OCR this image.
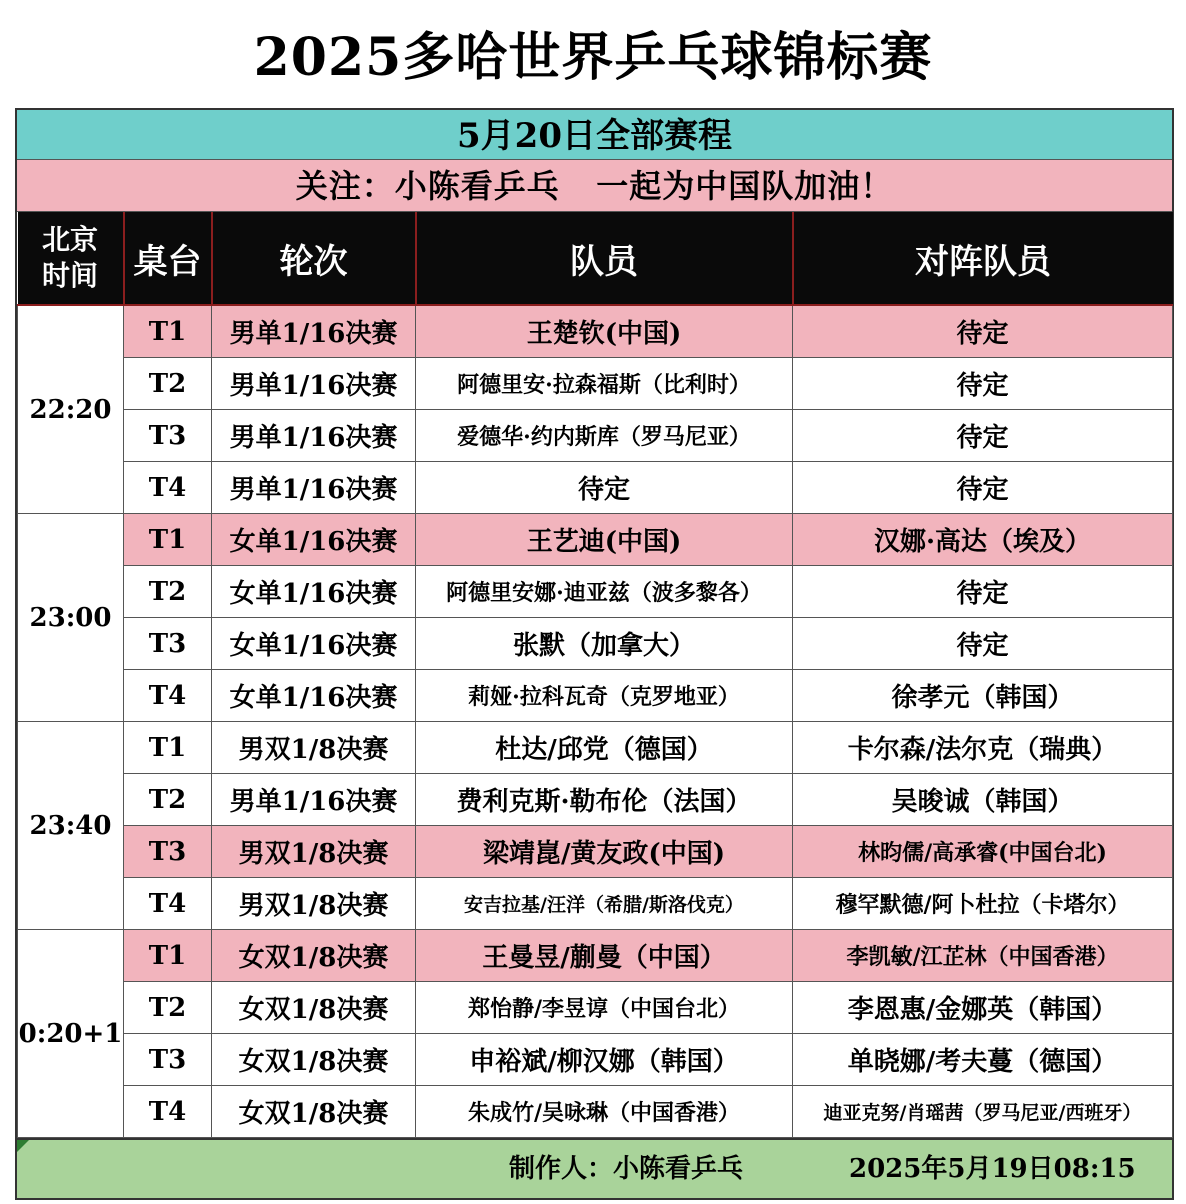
2025多哈世界乒乓球锦标赛
5月20日全部赛程
关注：小陈看乒乓   一起为中国队加油！
北京
时间	桌台	轮次	队员	对阵队员
22:20	T1	男单1/16决赛	王楚钦(中国)	待定
	T2	男单1/16决赛	阿德里安·拉森福斯（比利时）	待定
	T3	男单1/16决赛	爱德华·约内斯库（罗马尼亚）	待定
	T4	男单1/16决赛	待定	待定
23:00	T1	女单1/16决赛	王艺迪(中国)	汉娜·高达（埃及）
	T2	女单1/16决赛	阿德里安娜·迪亚兹（波多黎各）	待定
	T3	女单1/16决赛	张默（加拿大）	待定
	T4	女单1/16决赛	莉娅·拉科瓦奇（克罗地亚）	徐孝元（韩国）
23:40	T1	男双1/8决赛	杜达/邱党（德国）	卡尔森/法尔克（瑞典）
	T2	男单1/16决赛	费利克斯·勒布伦（法国）	吴晙诚（韩国）
	T3	男双1/8决赛	梁靖崑/黄友政(中国)	林昀儒/高承睿(中国台北)
	T4	男双1/8决赛	安吉拉基/汪洋（希腊/斯洛伐克）	穆罕默德/阿卜杜拉（卡塔尔）
0:20+1	T1	女双1/8决赛	王曼昱/蒯曼（中国）	李凯敏/江芷林（中国香港）
	T2	女双1/8决赛	郑怡静/李昱谆（中国台北）	李恩惠/金娜英（韩国）
	T3	女双1/8决赛	申裕斌/柳汉娜（韩国）	单晓娜/考夫蔓（德国）
	T4	女双1/8决赛	朱成竹/吴咏琳（中国香港）	迪亚克努/肖瑶茜（罗马尼亚/西班牙）
制作人：小陈看乒乓	2025年5月19日08:15
